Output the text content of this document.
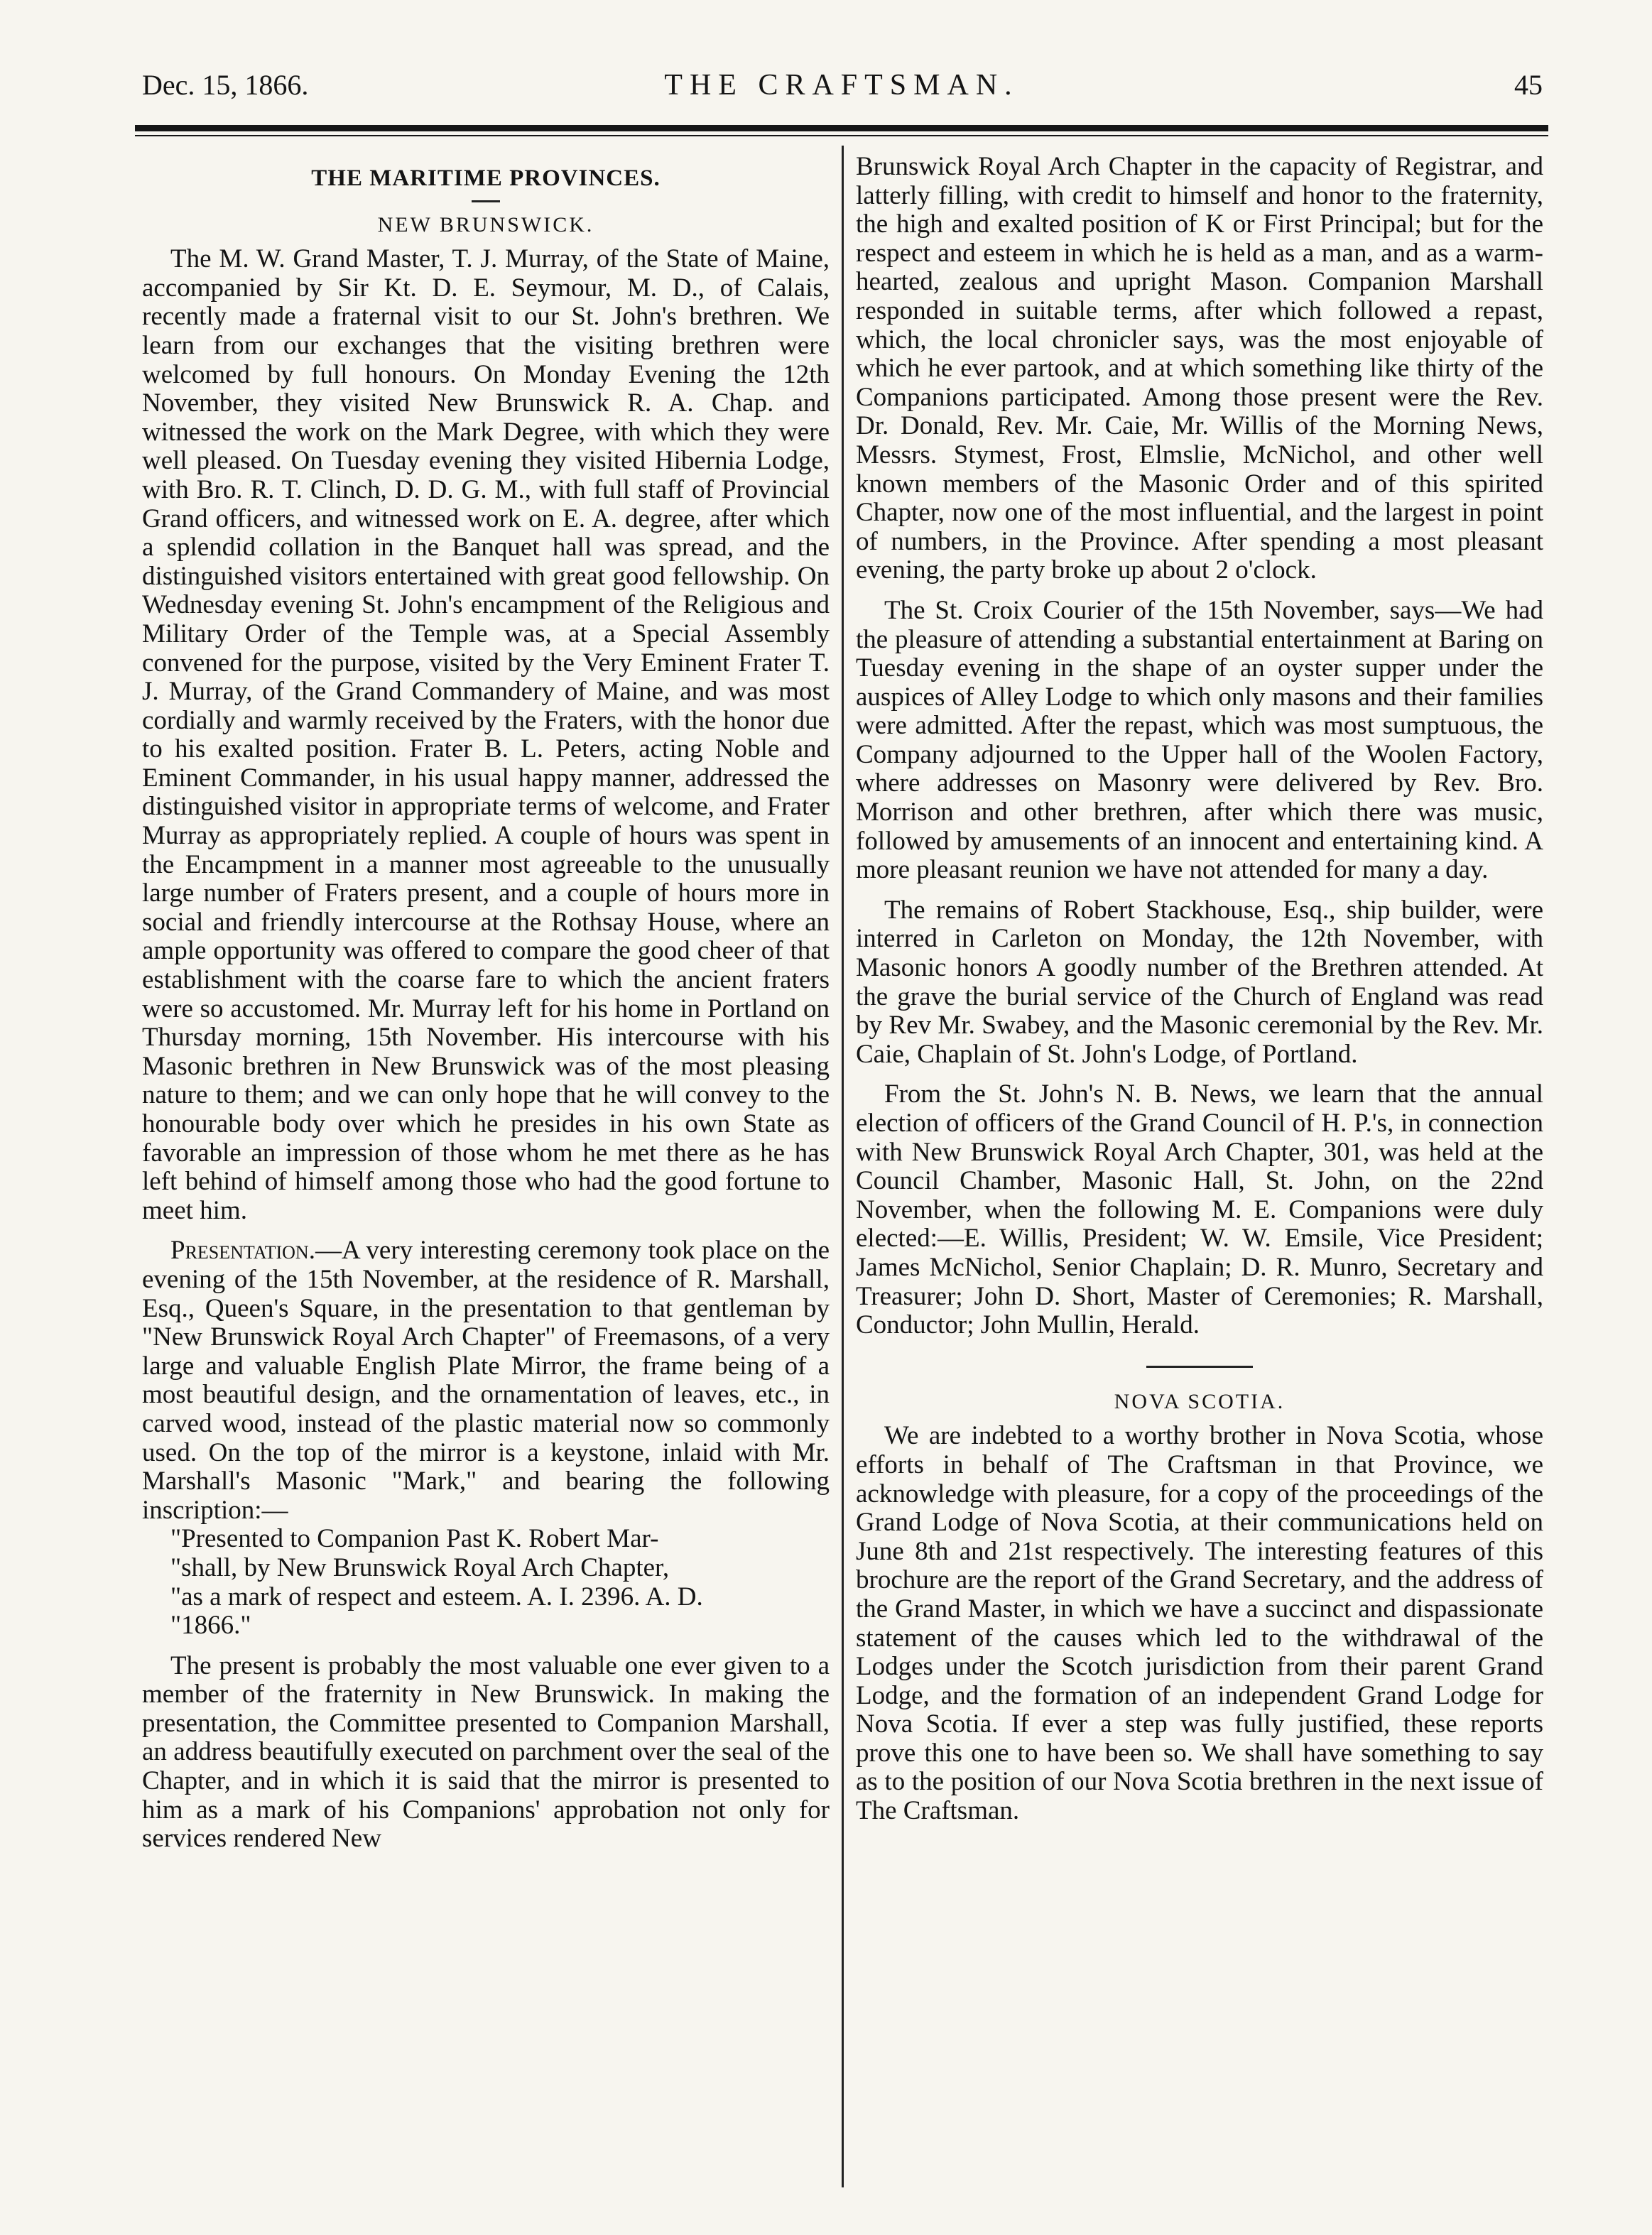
Dec. 15, 1866.	THE CRAFTSMAN.	45
THE MARITIME PROVINCES.
NEW BRUNSWICK.

The M. W. Grand Master, T. J. Murray, of the State of Maine, accompanied by Sir Kt. D. E. Seymour, M. D., of Calais, recently made a fraternal visit to our St. John's brethren. We learn from our exchanges that the visiting brethren were welcomed by full honours. On Monday Evening the 12th November, they visited New Brunswick R. A. Chap. and witnessed the work on the Mark Degree, with which they were well pleased. On Tuesday evening they visited Hibernia Lodge, with Bro. R. T. Clinch, D. D. G. M., with full staff of Provincial Grand officers, and witnessed work on E. A. degree, after which a splendid collation in the Banquet hall was spread, and the distinguished visitors entertained with great good fellowship. On Wednesday evening St. John's encampment of the Religious and Military Order of the Temple was, at a Special Assembly convened for the purpose, visited by the Very Eminent Frater T. J. Murray, of the Grand Commandery of Maine, and was most cordially and warmly received by the Fraters, with the honor due to his exalted position. Frater B. L. Peters, acting Noble and Eminent Commander, in his usual happy manner, addressed the distinguished visitor in appropriate terms of welcome, and Frater Murray as appropriately replied. A couple of hours was spent in the Encampment in a manner most agreeable to the unusually large number of Fraters present, and a couple of hours more in social and friendly intercourse at the Rothsay House, where an ample opportunity was offered to compare the good cheer of that establishment with the coarse fare to which the ancient fraters were so accustomed. Mr. Murray left for his home in Portland on Thursday morning, 15th November. His intercourse with his Masonic brethren in New Brunswick was of the most pleasing nature to them; and we can only hope that he will convey to the honourable body over which he presides in his own State as favorable an impression of those whom he met there as he has left behind of himself among those who had the good fortune to meet him.

Presentation.—A very interesting ceremony took place on the evening of the 15th November, at the residence of R. Marshall, Esq., Queen's Square, in the presentation to that gentleman by "New Brunswick Royal Arch Chapter" of Freemasons, of a very large and valuable English Plate Mirror, the frame being of a most beautiful design, and the ornamentation of leaves, etc., in carved wood, instead of the plastic material now so commonly used. On the top of the mirror is a keystone, inlaid with Mr. Marshall's Masonic "Mark," and bearing the following inscription:—

"Presented to Companion Past K. Robert Mar-

"shall, by New Brunswick Royal Arch Chapter,

"as a mark of respect and esteem. A. I. 2396. A. D.

"1866."

The present is probably the most valuable one ever given to a member of the fraternity in New Brunswick. In making the presentation, the Committee presented to Companion Marshall, an address beautifully executed on parchment over the seal of the Chapter, and in which it is said that the mirror is presented to him as a mark of his Companions' approbation not only for services rendered New

Brunswick Royal Arch Chapter in the capacity of Registrar, and latterly filling, with credit to himself and honor to the fraternity, the high and exalted position of K or First Principal; but for the respect and esteem in which he is held as a man, and as a warm-hearted, zealous and upright Mason. Companion Marshall responded in suitable terms, after which followed a repast, which, the local chronicler says, was the most enjoyable of which he ever partook, and at which something like thirty of the Companions participated. Among those present were the Rev. Dr. Donald, Rev. Mr. Caie, Mr. Willis of the Morning News, Messrs. Stymest, Frost, Elmslie, McNichol, and other well known members of the Masonic Order and of this spirited Chapter, now one of the most influential, and the largest in point of numbers, in the Province. After spending a most pleasant evening, the party broke up about 2 o'clock.

The St. Croix Courier of the 15th November, says—We had the pleasure of attending a substantial entertainment at Baring on Tuesday evening in the shape of an oyster supper under the auspices of Alley Lodge to which only masons and their families were admitted. After the repast, which was most sumptuous, the Company adjourned to the Upper hall of the Woolen Factory, where addresses on Masonry were delivered by Rev. Bro. Morrison and other brethren, after which there was music, followed by amusements of an innocent and entertaining kind. A more pleasant reunion we have not attended for many a day.

The remains of Robert Stackhouse, Esq., ship builder, were interred in Carleton on Monday, the 12th November, with Masonic honors A goodly number of the Brethren attended. At the grave the burial service of the Church of England was read by Rev Mr. Swabey, and the Masonic ceremonial by the Rev. Mr. Caie, Chaplain of St. John's Lodge, of Portland.

From the St. John's N. B. News, we learn that the annual election of officers of the Grand Council of H. P.'s, in connection with New Brunswick Royal Arch Chapter, 301, was held at the Council Chamber, Masonic Hall, St. John, on the 22nd November, when the following M. E. Companions were duly elected:—E. Willis, President; W. W. Emsile, Vice President; James McNichol, Senior Chaplain; D. R. Munro, Secretary and Treasurer; John D. Short, Master of Ceremonies; R. Marshall, Conductor; John Mullin, Herald.

NOVA SCOTIA.

We are indebted to a worthy brother in Nova Scotia, whose efforts in behalf of The Craftsman in that Province, we acknowledge with pleasure, for a copy of the proceedings of the Grand Lodge of Nova Scotia, at their communications held on June 8th and 21st respectively. The interesting features of this brochure are the report of the Grand Secretary, and the address of the Grand Master, in which we have a succinct and dispassionate statement of the causes which led to the withdrawal of the Lodges under the Scotch jurisdiction from their parent Grand Lodge, and the formation of an independent Grand Lodge for Nova Scotia. If ever a step was fully justified, these reports prove this one to have been so. We shall have something to say as to the position of our Nova Scotia brethren in the next issue of The Craftsman.
